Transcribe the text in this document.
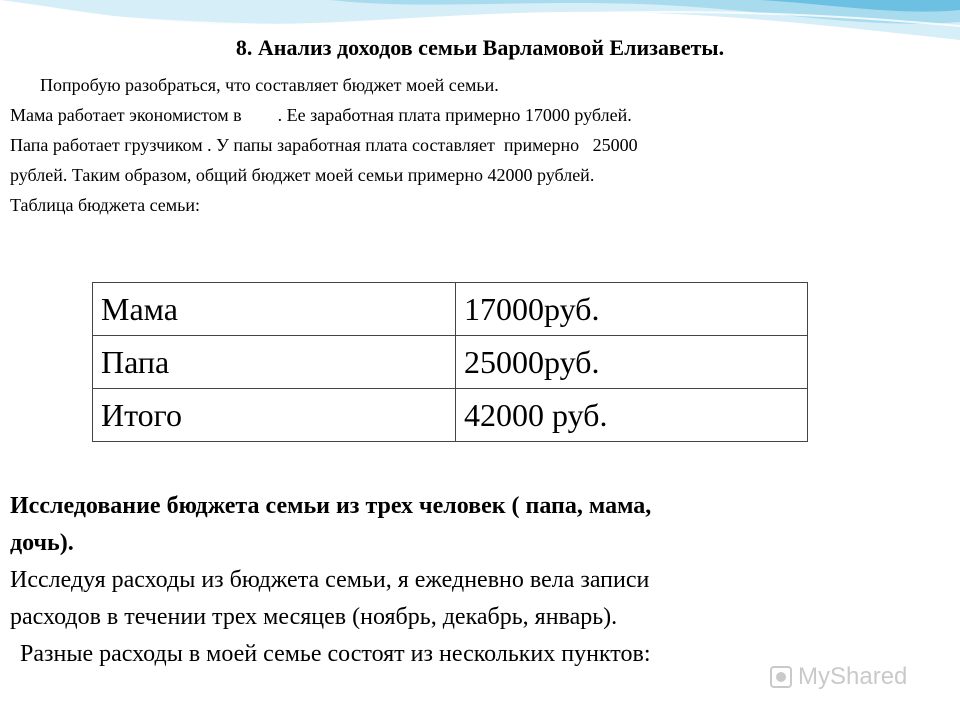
8. Анализ доходов семьи Варламовой Елизаветы.
Попробую разобраться, что составляет бюджет моей семьи.
Мама работает экономистом в        . Ее заработная плата примерно 17000 рублей.
Папа работает грузчиком . У папы заработная плата составляет  примерно   25000
рублей. Таким образом, общий бюджет моей семьи примерно 42000 рублей.
Таблица бюджета семьи:
Мама	17000руб.
Папа	25000руб.
Итого	42000 руб.
Исследование бюджета семьи из трех человек ( папа, мама,
дочь).
Исследуя расходы из бюджета семьи, я ежедневно вела записи
расходов в течении трех месяцев (ноябрь, декабрь, январь).
Разные расходы в моей семье состоят из нескольких пунктов:
MyShared
